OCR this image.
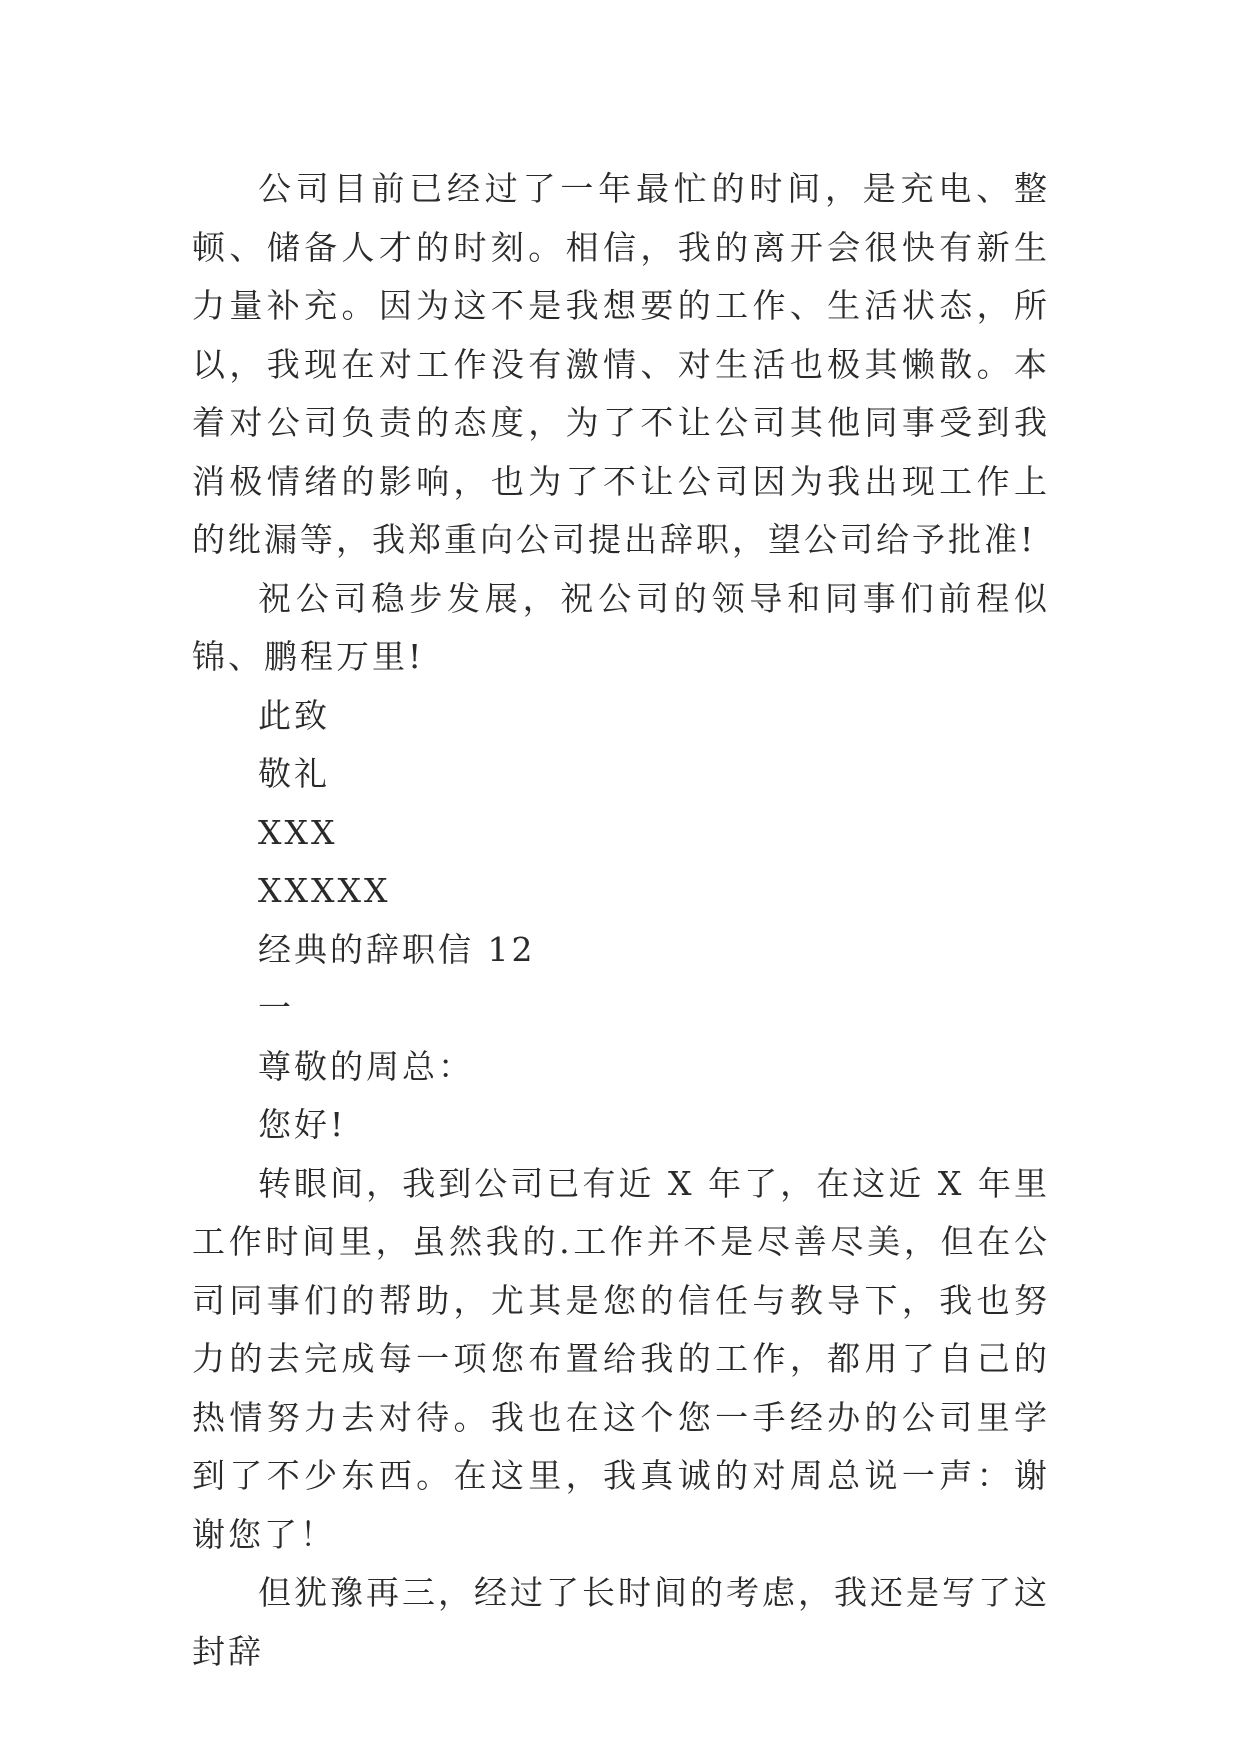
公司目前已经过了一年最忙的时间，是充电、整顿、储备人才的时刻。相信，我的离开会很快有新生力量补充。因为这不是我想要的工作、生活状态，所以，我现在对工作没有激情、对生活也极其懒散。本着对公司负责的态度，为了不让公司其他同事受到我消极情绪的影响，也为了不让公司因为我出现工作上的纰漏等，我郑重向公司提出辞职，望公司给予批准!

祝公司稳步发展，祝公司的领导和同事们前程似锦、鹏程万里!

此致

敬礼

XXX

XXXXX

经典的辞职信 12

一

尊敬的周总：

您好!

转眼间，我到公司已有近 X 年了，在这近 X 年里工作时间里，虽然我的.工作并不是尽善尽美，但在公司同事们的帮助，尤其是您的信任与教导下，我也努力的去完成每一项您布置给我的工作，都用了自己的热情努力去对待。我也在这个您一手经办的公司里学到了不少东西。在这里，我真诚的对周总说一声：谢谢您了！

但犹豫再三，经过了长时间的考虑，我还是写了这封辞
